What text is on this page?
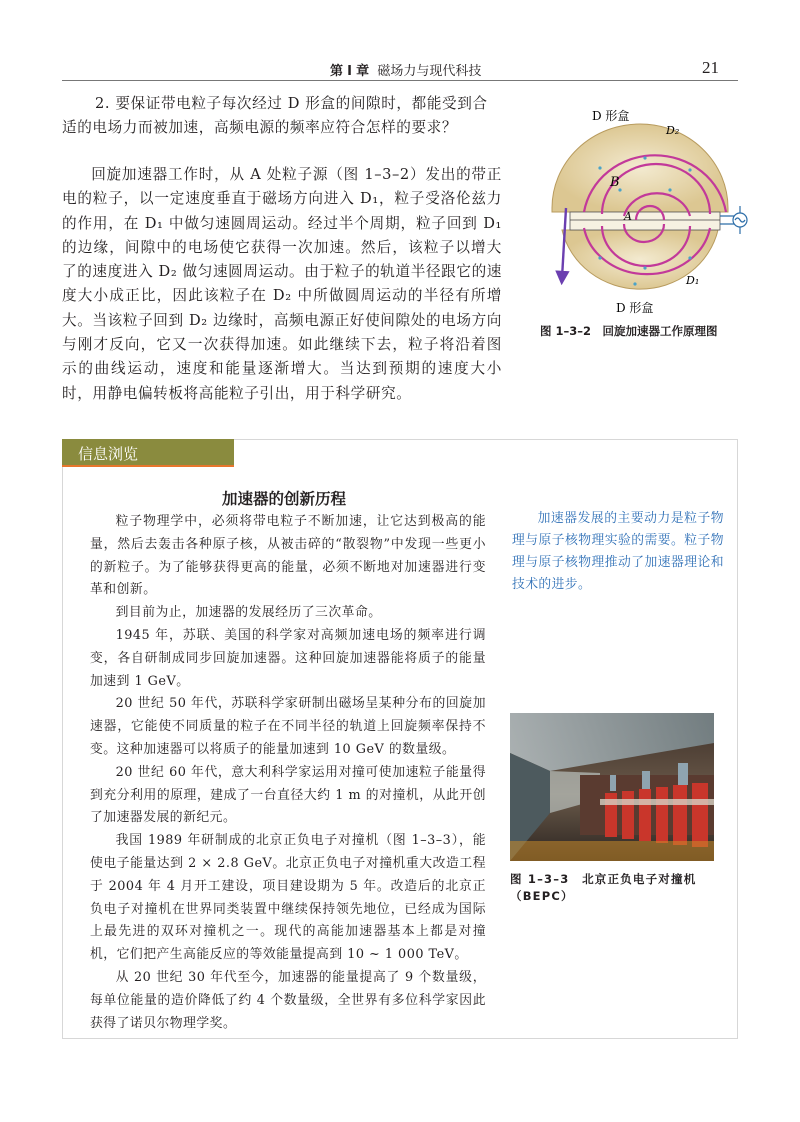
第 Ⅰ 章 磁场力与现代科技	21
2. 要保证带电粒子每次经过 D 形盒的间隙时，都能受到合
适的电场力而被加速，高频电源的频率应符合怎样的要求？

回旋加速器工作时，从 A 处粒子源（图 1–3–2）发出的带正电的粒子，以一定速度垂直于磁场方向进入 D₁，粒子受洛伦兹力的作用，在 D₁ 中做匀速圆周运动。经过半个周期，粒子回到 D₁ 的边缘，间隙中的电场使它获得一次加速。然后，该粒子以增大了的速度进入 D₂ 做匀速圆周运动。由于粒子的轨道半径跟它的速度大小成正比，因此该粒子在 D₂ 中所做圆周运动的半径有所增大。当该粒子回到 D₂ 边缘时，高频电源正好使间隙处的电场方向与刚才反向，它又一次获得加速。如此继续下去，粒子将沿着图示的曲线运动，速度和能量逐渐增大。当达到预期的速度大小时，用静电偏转板将高能粒子引出，用于科学研究。

D 形盒
D₂
B
A
D₁
D 形盒
图 1–3–2　回旋加速器工作原理图
信息浏览
加速器的创新历程

粒子物理学中，必须将带电粒子不断加速，让它达到极高的能量，然后去轰击各种原子核，从被击碎的“散裂物”中发现一些更小的新粒子。为了能够获得更高的能量，必须不断地对加速器进行变革和创新。

到目前为止，加速器的发展经历了三次革命。

1945 年，苏联、美国的科学家对高频加速电场的频率进行调变，各自研制成同步回旋加速器。这种回旋加速器能将质子的能量加速到 1 GeV。

20 世纪 50 年代，苏联科学家研制出磁场呈某种分布的回旋加速器，它能使不同质量的粒子在不同半径的轨道上回旋频率保持不变。这种加速器可以将质子的能量加速到 10 GeV 的数量级。

20 世纪 60 年代，意大利科学家运用对撞可使加速粒子能量得到充分利用的原理，建成了一台直径大约 1 m 的对撞机，从此开创了加速器发展的新纪元。

我国 1989 年研制成的北京正负电子对撞机（图 1–3–3），能使电子能量达到 2 × 2.8 GeV。北京正负电子对撞机重大改造工程于 2004 年 4 月开工建设，项目建设期为 5 年。改造后的北京正负电子对撞机在世界同类装置中继续保持领先地位，已经成为国际上最先进的双环对撞机之一。现代的高能加速器基本上都是对撞机，它们把产生高能反应的等效能量提高到 10 ~ 1 000 TeV。

从 20 世纪 30 年代至今，加速器的能量提高了 9 个数量级，每单位能量的造价降低了约 4 个数量级，全世界有多位科学家因此获得了诺贝尔物理学奖。

加速器发展的主要动力是粒子物理与原子核物理实验的需要。粒子物理与原子核物理推动了加速器理论和技术的进步。

图 1–3–3　北京正负电子对撞机（BEPC）
